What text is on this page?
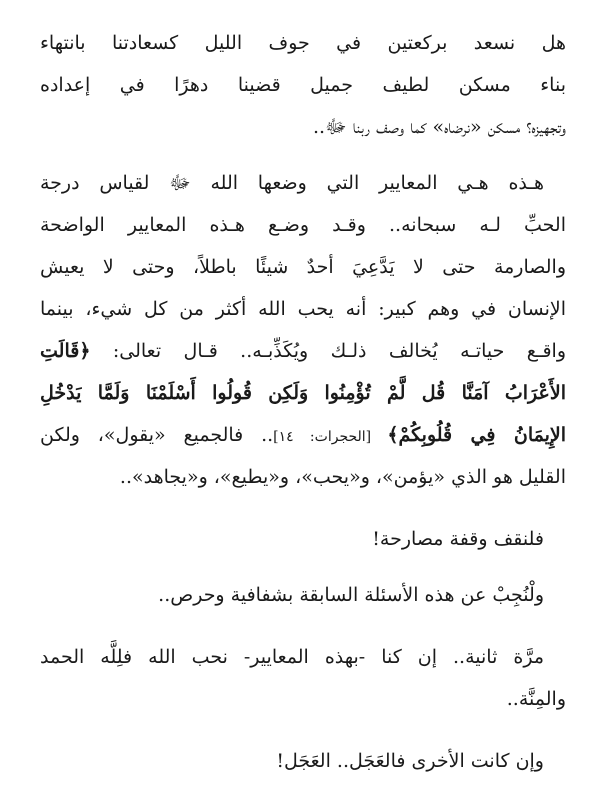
هل نسعد بركعتين في جوف الليل كسعادتنا بانتهاء
بناء مسكن لطيف جميل قضينا دهرًا في إعداده
وتجهيزه؟ مسكن «نرضاه» كما وصف ربنا ﷻ..
هـذه هـي المعايير التي وضعها الله ﷻ لقياس درجة
الحبِّ لـه سبحانه.. وقـد وضـع هـذه المعايير الواضحة
والصارمة حتى لا يَدَّعِيَ أحدٌ شيئًا باطلاً، وحتى لا يعيش
الإنسان في وهم كبير: أنه يحب الله أكثر من كل شيء، بينما
واقـع حياتـه يُخالف ذلـك ويُكَذِّبـه.. قـال تعالى: ﴿قَالَتِ
الأَعْرَابُ آمَنَّا قُل لَّمْ تُؤْمِنُوا وَلَكِن قُولُوا أَسْلَمْنَا وَلَمَّا يَدْخُلِ
الإِيمَانُ فِي قُلُوبِكُمْ﴾ [الحجرات: ١٤].. فالجميع «يقول»، ولكن
القليل هو الذي «يؤمن»، و«يحب»، و«يطيع»، و«يجاهد»..
فلنقف وقفة مصارحة!
ولْنُجِبْ عن هذه الأسئلة السابقة بشفافية وحرص..
مرَّة ثانية.. إن كنا -بهذه المعايير- نحب الله فلِلَّه الحمد
والمِنَّة..
وإن كانت الأخرى فالعَجَل.. العَجَل!
